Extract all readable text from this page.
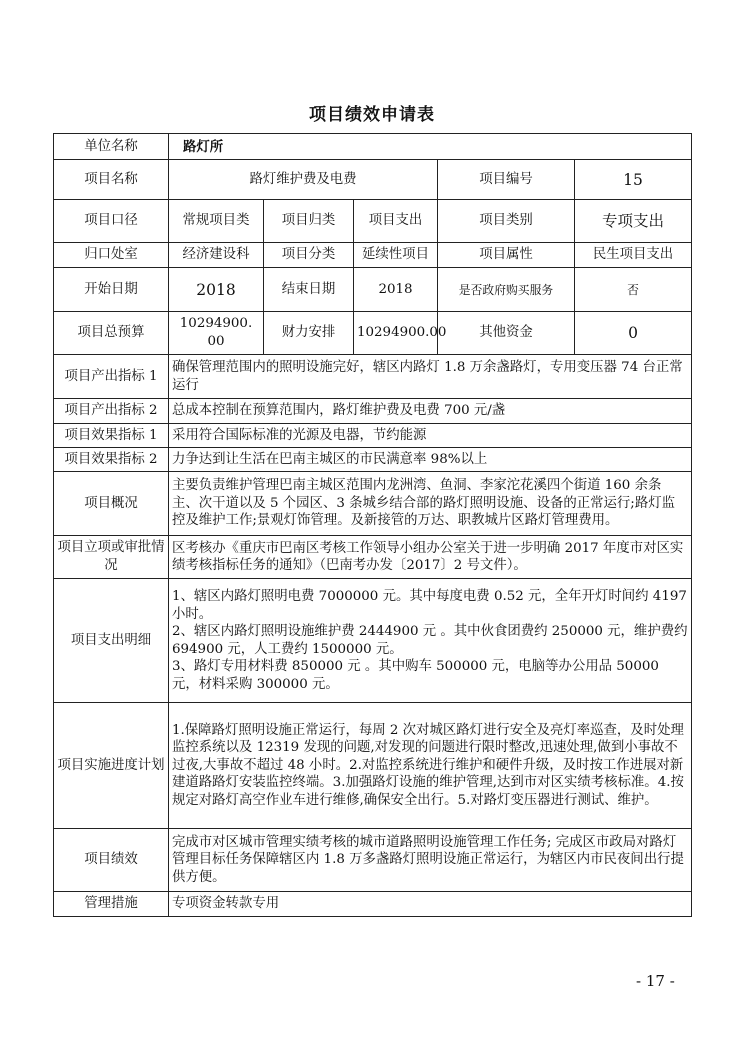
项目绩效申请表
单位名称	路灯所				
项目名称	路灯维护费及电费			项目编号	15
项目口径	常规项目类	项目归类	项目支出	项目类别	专项支出
归口处室	经济建设科	项目分类	延续性项目	项目属性	民生项目支出
开始日期	2018	结束日期	2018	是否政府购买服务	否
项目总预算	10294900. 00	财力安排	10294900.00	其他资金	0
项目产出指标 1	确保管理范围内的照明设施完好，辖区内路灯 1.8 万余盏路灯，专用变压器 74 台正常运行				
项目产出指标 2	总成本控制在预算范围内，路灯维护费及电费 700 元/盏				
项目效果指标 1	采用符合国际标准的光源及电器，节约能源				
项目效果指标 2	力争达到让生活在巴南主城区的市民满意率 98%以上				
项目概况	主要负责维护管理巴南主城区范围内龙洲湾、鱼洞、李家沱花溪四个街道 160 余条主、次干道以及 5 个园区、3 条城乡结合部的路灯照明设施、设备的正常运行;路灯监控及维护工作;景观灯饰管理。及新接管的万达、职教城片区路灯管理费用。				
项目立项或审批情况	区考核办《重庆市巴南区考核工作领导小组办公室关于进一步明确 2017 年度市对区实绩考核指标任务的通知》（巴南考办发〔2017〕2 号文件）。				
项目支出明细	1、辖区内路灯照明电费 7000000 元。其中每度电费 0.52 元，全年开灯时间约 4197 小时。
2、辖区内路灯照明设施维护费 2444900 元 。其中伙食团费约 250000 元，维护费约 694900 元，人工费约 1500000 元。
3、路灯专用材料费 850000 元 。其中购车 500000 元，电脑等办公用品 50000 元，材料采购 300000 元。				

项目实施进度计划	1.保障路灯照明设施正常运行，每周 2 次对城区路灯进行安全及亮灯率巡查，及时处理监控系统以及 12319 发现的问题,对发现的问题进行限时整改,迅速处理,做到小事故不过夜,大事故不超过 48 小时。2.对监控系统进行维护和硬件升级，及时按工作进展对新建道路路灯安装监控终端。3.加强路灯设施的维护管理,达到市对区实绩考核标准。4.按规定对路灯高空作业车进行维修,确保安全出行。5.对路灯变压器进行测试、维护。				
项目绩效	完成市对区城市管理实绩考核的城市道路照明设施管理工作任务; 完成区市政局对路灯管理目标任务保障辖区内 1.8 万多盏路灯照明设施正常运行，为辖区内市民夜间出行提供方便。				
管理措施	专项资金转款专用				
- 17 -
